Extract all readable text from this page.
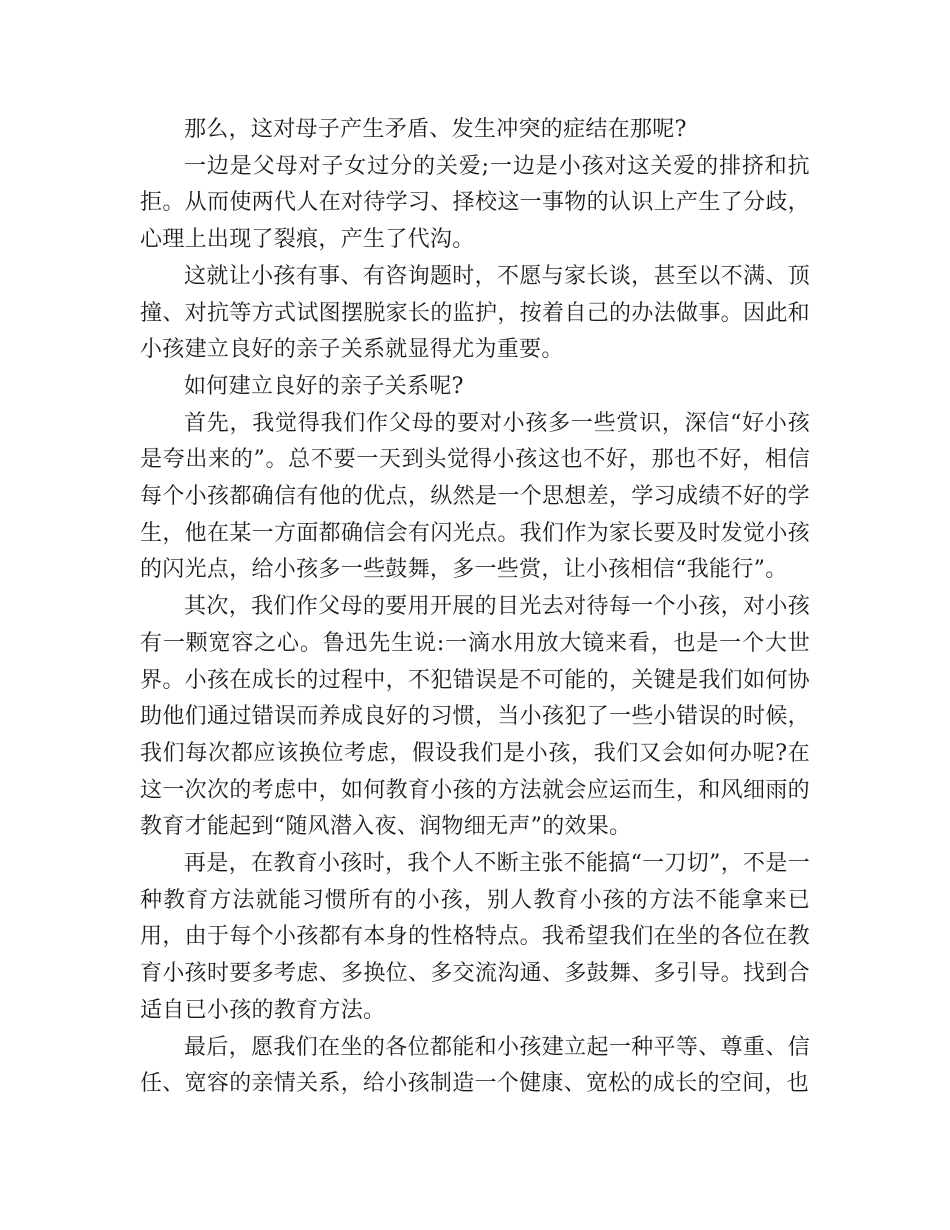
那么，这对母子产生矛盾、发生冲突的症结在那呢?

一边是父母对子女过分的关爱;一边是小孩对这关爱的排挤和抗拒。从而使两代人在对待学习、择校这一事物的认识上产生了分歧，心理上出现了裂痕，产生了代沟。

这就让小孩有事、有咨询题时，不愿与家长谈，甚至以不满、顶撞、对抗等方式试图摆脱家长的监护，按着自己的办法做事。因此和小孩建立良好的亲子关系就显得尤为重要。

如何建立良好的亲子关系呢?

首先，我觉得我们作父母的要对小孩多一些赏识，深信“好小孩是夸出来的”。总不要一天到头觉得小孩这也不好，那也不好，相信每个小孩都确信有他的优点，纵然是一个思想差，学习成绩不好的学生，他在某一方面都确信会有闪光点。我们作为家长要及时发觉小孩的闪光点，给小孩多一些鼓舞，多一些赏，让小孩相信“我能行”。

其次，我们作父母的要用开展的目光去对待每一个小孩，对小孩有一颗宽容之心。鲁迅先生说:一滴水用放大镜来看，也是一个大世界。小孩在成长的过程中，不犯错误是不可能的，关键是我们如何协助他们通过错误而养成良好的习惯，当小孩犯了一些小错误的时候，我们每次都应该换位考虑，假设我们是小孩，我们又会如何办呢?在这一次次的考虑中，如何教育小孩的方法就会应运而生，和风细雨的教育才能起到“随风潜入夜、润物细无声”的效果。

再是，在教育小孩时，我个人不断主张不能搞“一刀切”，不是一种教育方法就能习惯所有的小孩，别人教育小孩的方法不能拿来已用，由于每个小孩都有本身的性格特点。我希望我们在坐的各位在教育小孩时要多考虑、多换位、多交流沟通、多鼓舞、多引导。找到合适自已小孩的教育方法。

最后，愿我们在坐的各位都能和小孩建立起一种平等、尊重、信任、宽容的亲情关系，给小孩制造一个健康、宽松的成长的空间，也
